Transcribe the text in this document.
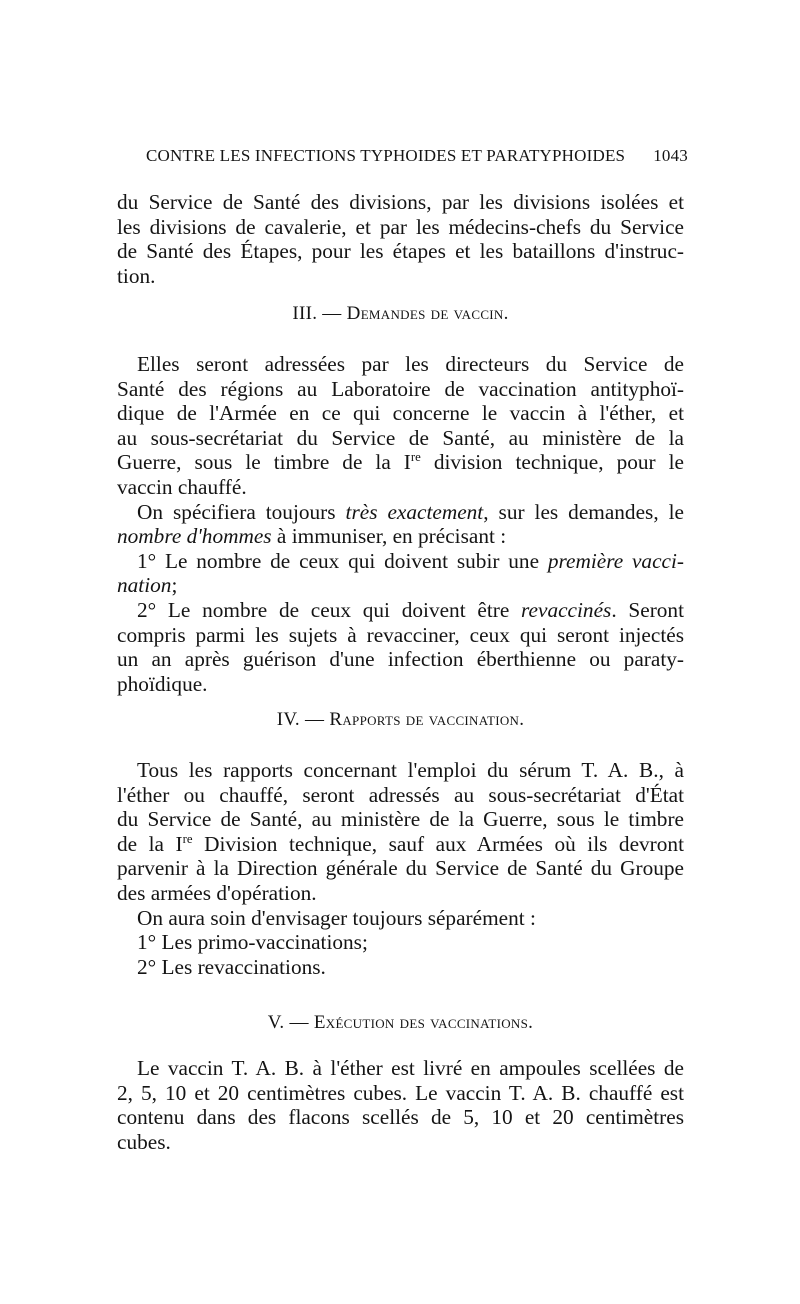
CONTRE LES INFECTIONS TYPHOIDES ET PARATYPHOIDES 1043
du Service de Santé des divisions, par les divisions isolées et
les divisions de cavalerie, et par les médecins-chefs du Service
de Santé des Étapes, pour les étapes et les bataillons d'instruc-
tion.
III. — Demandes de vaccin.
Elles seront adressées par les directeurs du Service de
Santé des régions au Laboratoire de vaccination antityphoï-
dique de l'Armée en ce qui concerne le vaccin à l'éther, et
au sous-secrétariat du Service de Santé, au ministère de la
Guerre, sous le timbre de la Ire division technique, pour le
vaccin chauffé.
On spécifiera toujours très exactement, sur les demandes, le
nombre d'hommes à immuniser, en précisant :
1° Le nombre de ceux qui doivent subir une première vacci-
nation;
2° Le nombre de ceux qui doivent être revaccinés. Seront
compris parmi les sujets à revacciner, ceux qui seront injectés
un an après guérison d'une infection éberthienne ou paraty-
phoïdique.
IV. — Rapports de vaccination.
Tous les rapports concernant l'emploi du sérum T. A. B., à
l'éther ou chauffé, seront adressés au sous-secrétariat d'État
du Service de Santé, au ministère de la Guerre, sous le timbre
de la Ire Division technique, sauf aux Armées où ils devront
parvenir à la Direction générale du Service de Santé du Groupe
des armées d'opération.
On aura soin d'envisager toujours séparément :
1° Les primo-vaccinations;
2° Les revaccinations.
V. — Exécution des vaccinations.
Le vaccin T. A. B. à l'éther est livré en ampoules scellées de
2, 5, 10 et 20 centimètres cubes. Le vaccin T. A. B. chauffé est
contenu dans des flacons scellés de 5, 10 et 20 centimètres
cubes.
